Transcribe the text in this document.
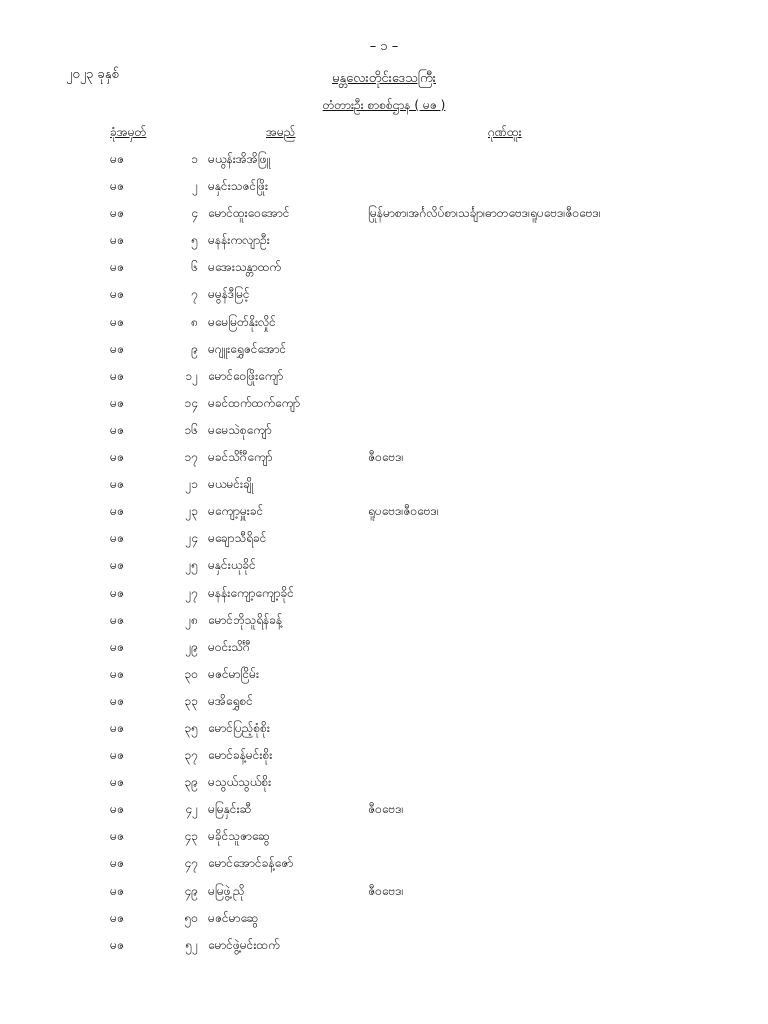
– ၁ –
၂၀၂၃ ခုနှစ်	မန္တလေးတိုင်းဒေသကြီး
တံတားဦး စာစစ်ဌာန ( မဇ )
ခုံအမှတ်	အမည်	ဂုဏ်ထူး
မဇ	၁ မယွန်းအိအိဖြူ
မဇ	၂ မနှင်းသဇင်ဖြိုး
မဇ	၄ မောင်ထူးဝေအောင်	မြန်မာစာ၊အင်္ဂလိပ်စာ၊သင်္ချာ၊ဓာတုဗေဒ၊ရူပဗေဒ၊ဇီဝဗေဒ၊
မဇ	၅ မနန်းကလျာဦး
မဇ	၆ မအေးသန္တာထက်
မဇ	၇ မမွန်ဒီမြင့်
မဇ	၈ မမေမြတ်နိုးလှိုင်
မဇ	၉ မဂျူးရွှေဇင်အောင်
မဇ	၁၂ မောင်ဝေဖြိုးကျော်
မဇ	၁၄ မခင်ထက်ထက်ကျော်
မဇ	၁၆ မမေသဲစုကျော်
မဇ	၁၇ မခင်သိင်္ဂီကျော်	ဇီဝဗေဒ၊
မဇ	၂၁ မယမင်းချို
မဇ	၂၃ မကျော့မှူးခင်	ရူပဗေဒ၊ဇီဝဗေဒ၊
မဇ	၂၄ မချောသီရိခင်
မဇ	၂၅ မနှင်းယုခိုင်
မဇ	၂၇ မနန်းကျော့ကျော့ခိုင်
မဇ	၂၈ မောင်ဘိုသူရိန်ခန့်
မဇ	၂၉ မဝင်းသိင်္ဂီ
မဇ	၃၀ မဇင်မာငြိမ်း
မဇ	၃၃ မအိရွှေစင်
မဇ	၃၅ မောင်ပြည့်စုံစိုး
မဇ	၃၇ မောင်ခန့်မင်းစိုး
မဇ	၃၉ မသွယ်သွယ်စိုး
မဇ	၄၂ မမြနှင်းဆီ	ဇီဝဗေဒ၊
မဇ	၄၃ မခိုင်သူဇာဆွေ
မဇ	၄၇ မောင်အောင်ခန့်ဇော်
မဇ	၄၉ မမြဖွဲ့ညို	ဇီဝဗေဒ၊
မဇ	၅၀ မဇင်မာဆွေ
မဇ	၅၂ မောင်ဖွဲ့မင်းထက်
